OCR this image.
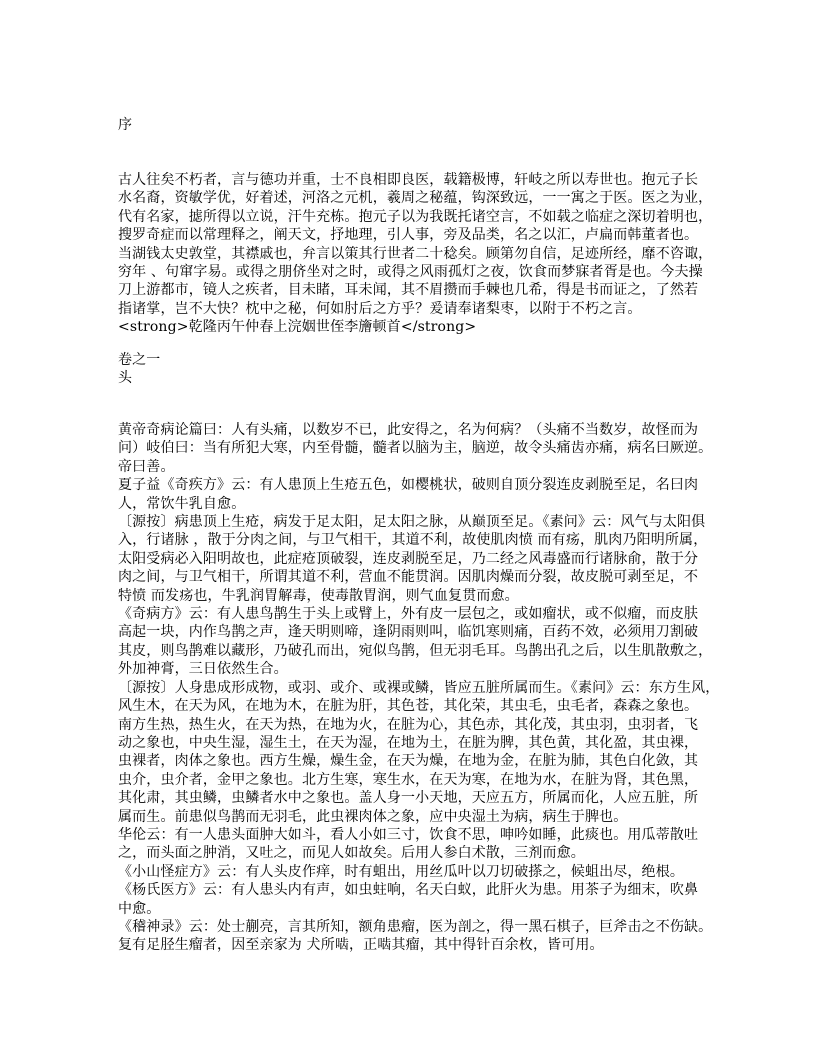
序
古人往矣不朽者，言与德功并重，士不良相即良医，载籍极博，轩岐之所以寿世也。抱元子长
水名裔，资敏学优，好着述，河洛之元机，羲周之秘蕴，钩深致远，一一寓之于医。医之为业，
代有名家，摅所得以立说，汗牛充栋。抱元子以为我既托诸空言，不如载之临症之深切着明也，
搜罗奇症而以常理释之，阐天文，抒地理，引人事，旁及品类，名之以汇，卢扁而韩董者也。
当湖钱太史敦堂，其襟戚也，弁言以策其行世者二十稔矣。顾第勿自信，足迹所经，靡不咨诹，
穷年 、句窜字易。或得之朋侪坐对之时，或得之风雨孤灯之夜，饮食而梦寐者胥是也。今夫操
刀上游都市，镜人之疾者，目未睹，耳未闻，其不眉攒而手棘也几希，得是书而证之，了然若
指诸掌，岂不大快？枕中之秘，何如肘后之方乎？爰请奉诸梨枣，以附于不朽之言。
<strong>乾隆丙午仲春上浣姻世侄李旝顿首</strong>
卷之一
头
黄帝奇病论篇曰：人有头痛，以数岁不已，此安得之，名为何病？（头痛不当数岁，故怪而为
问）岐伯曰：当有所犯大寒，内至骨髓，髓者以脑为主，脑逆，故令头痛齿亦痛，病名曰厥逆。
帝曰善。
夏子益《奇疾方》云：有人患顶上生疮五色，如樱桃状，破则自顶分裂连皮剥脱至足，名曰肉
人，常饮牛乳自愈。
〔源按〕病患顶上生疮，病发于足太阳，足太阳之脉，从巅顶至足。《素问》云：风气与太阳俱
入，行诸脉 ，散于分肉之间，与卫气相干，其道不利，故使肌肉愤 而有疡，肌肉乃阳明所属，
太阳受病必入阳明故也，此症疮顶破裂，连皮剥脱至足，乃二经之风毒盛而行诸脉俞，散于分
肉之间，与卫气相干，所谓其道不利，营血不能贯润。因肌肉燥而分裂，故皮脱可剥至足，不
特愤 而发疡也，牛乳润胃解毒，使毒散胃润，则气血复贯而愈。
《奇病方》云：有人患鸟鹊生于头上或臂上，外有皮一层包之，或如瘤状，或不似瘤，而皮肤
高起一块，内作鸟鹊之声，逢天明则啼，逢阴雨则叫，临饥寒则痛，百药不效，必须用刀割破
其皮，则鸟鹊难以藏形，乃破孔而出，宛似鸟鹊，但无羽毛耳。鸟鹊出孔之后，以生肌散敷之，
外加神膏，三日依然生合。
〔源按〕人身患成形成物，或羽、或介、或裸或鳞，皆应五脏所属而生。《素问》云：东方生风，
风生木，在天为风，在地为木，在脏为肝，其色苍，其化荣，其虫毛，虫毛者，森森之象也。
南方生热，热生火，在天为热，在地为火，在脏为心，其色赤，其化茂，其虫羽，虫羽者，飞
动之象也，中央生湿，湿生土，在天为湿，在地为土，在脏为脾，其色黄，其化盈，其虫裸，
虫裸者，肉体之象也。西方生燥，燥生金，在天为燥，在地为金，在脏为肺，其色白化敛，其
虫介，虫介者，金甲之象也。北方生寒，寒生水，在天为寒，在地为水，在脏为肾，其色黑，
其化肃，其虫鳞，虫鳞者水中之象也。盖人身一小天地，天应五方，所属而化，人应五脏，所
属而生。前患似鸟鹊而无羽毛，此虫裸肉体之象，应中央湿土为病，病生于脾也。
华伦云：有一人患头面肿大如斗，看人小如三寸，饮食不思，呻吟如睡，此痰也。用瓜蒂散吐
之，而头面之肿消，又吐之，而见人如故矣。后用人参白术散，三剂而愈。
《小山怪症方》云：有人头皮作痒，时有蛆出，用丝瓜叶以刀切破搽之，候蛆出尽，绝根。
《杨氏医方》云：有人患头内有声，如虫蛀响，名天白蚁，此肝火为患。用茶子为细末，吹鼻
中愈。
《稽神录》云：处士蒯亮，言其所知，额角患瘤，医为剖之，得一黑石棋子，巨斧击之不伤缺。
复有足胫生瘤者，因至亲家为 犬所啮，正啮其瘤，其中得针百余枚，皆可用。
